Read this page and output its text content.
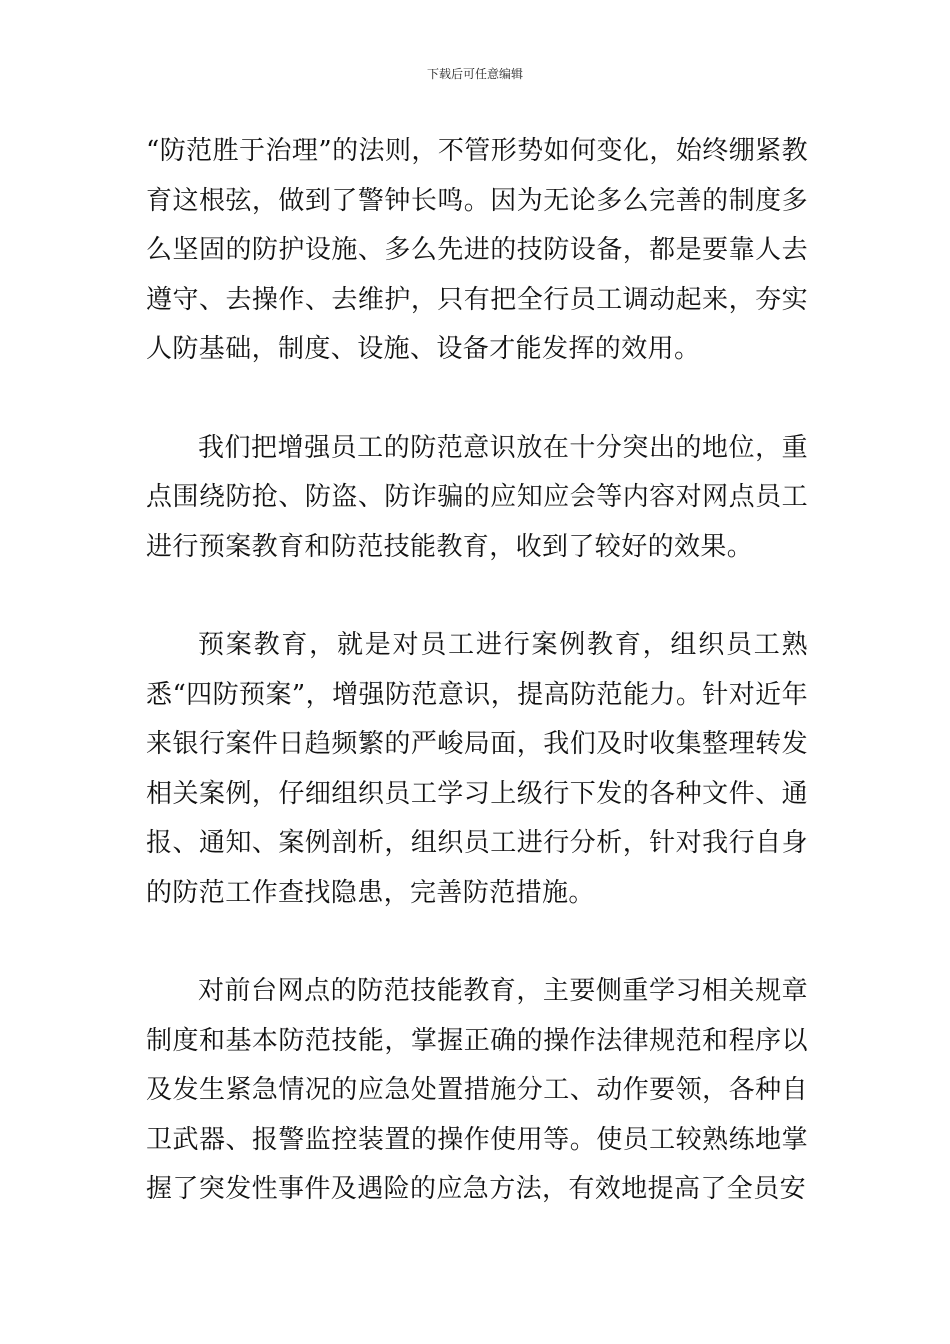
下载后可任意编辑

“防范胜于治理”的法则，不管形势如何变化，始终绷紧教育这根弦，做到了警钟长鸣。因为无论多么完善的制度多么坚固的防护设施、多么先进的技防设备，都是要靠人去遵守、去操作、去维护，只有把全行员工调动起来，夯实人防基础，制度、设施、设备才能发挥的效用。

我们把增强员工的防范意识放在十分突出的地位，重点围绕防抢、防盗、防诈骗的应知应会等内容对网点员工进行预案教育和防范技能教育，收到了较好的效果。

预案教育，就是对员工进行案例教育，组织员工熟悉“四防预案”，增强防范意识，提高防范能力。针对近年来银行案件日趋频繁的严峻局面，我们及时收集整理转发相关案例，仔细组织员工学习上级行下发的各种文件、通报、通知、案例剖析，组织员工进行分析，针对我行自身的防范工作查找隐患，完善防范措施。

对前台网点的防范技能教育，主要侧重学习相关规章制度和基本防范技能，掌握正确的操作法律规范和程序以及发生紧急情况的应急处置措施分工、动作要领，各种自卫武器、报警监控装置的操作使用等。使员工较熟练地掌握了突发性事件及遇险的应急方法，有效地提高了全员安
